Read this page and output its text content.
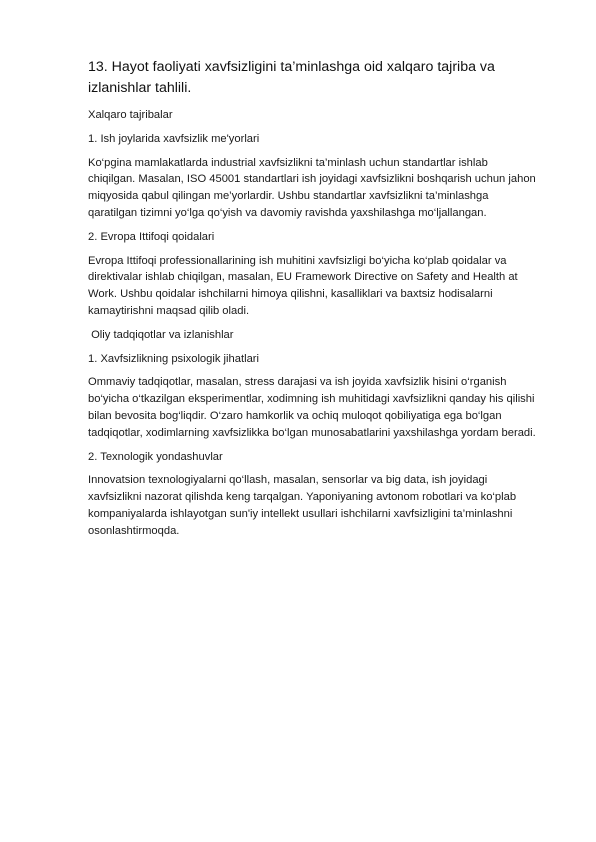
13. Hayot faoliyati xavfsizligini ta’minlashga oid xalqaro tajriba va izlanishlar tahlili.
Xalqaro tajribalar
1. Ish joylarida xavfsizlik me'yorlari

Ko‘pgina mamlakatlarda industrial xavfsizlikni ta’minlash uchun standartlar ishlab chiqilgan. Masalan, ISO 45001 standartlari ish joyidagi xavfsizlikni boshqarish uchun jahon miqyosida qabul qilingan me’yorlardir. Ushbu standartlar xavfsizlikni ta’minlashga qaratilgan tizimni yo‘lga qo‘yish va davomiy ravishda yaxshilashga mo‘ljallangan.

2. Evropa Ittifoqi qoidalari

Evropa Ittifoqi professionallarining ish muhitini xavfsizligi bo‘yicha ko‘plab qoidalar va direktivalar ishlab chiqilgan, masalan, EU Framework Directive on Safety and Health at Work. Ushbu qoidalar ishchilarni himoya qilishni, kasalliklari va baxtsiz hodisalarni kamaytirishni maqsad qilib oladi.

Oliy tadqiqotlar va izlanishlar
1. Xavfsizlikning psixologik jihatlari

Ommaviy tadqiqotlar, masalan, stress darajasi va ish joyida xavfsizlik hisini o‘rganish bo‘yicha o‘tkazilgan eksperimentlar, xodimning ish muhitidagi xavfsizlikni qanday his qilishi bilan bevosita bog‘liqdir. O‘zaro hamkorlik va ochiq muloqot qobiliyatiga ega bo‘lgan tadqiqotlar, xodimlarning xavfsizlikka bo‘lgan munosabatlarini yaxshilashga yordam beradi.

2. Texnologik yondashuvlar

Innovatsion texnologiyalarni qo‘llash, masalan, sensorlar va big data, ish joyidagi xavfsizlikni nazorat qilishda keng tarqalgan. Yaponiyaning avtonom robotlari va ko‘plab kompaniyalarda ishlayotgan sun'iy intellekt usullari ishchilarni xavfsizligini ta’minlashni osonlashtirmoqda.
